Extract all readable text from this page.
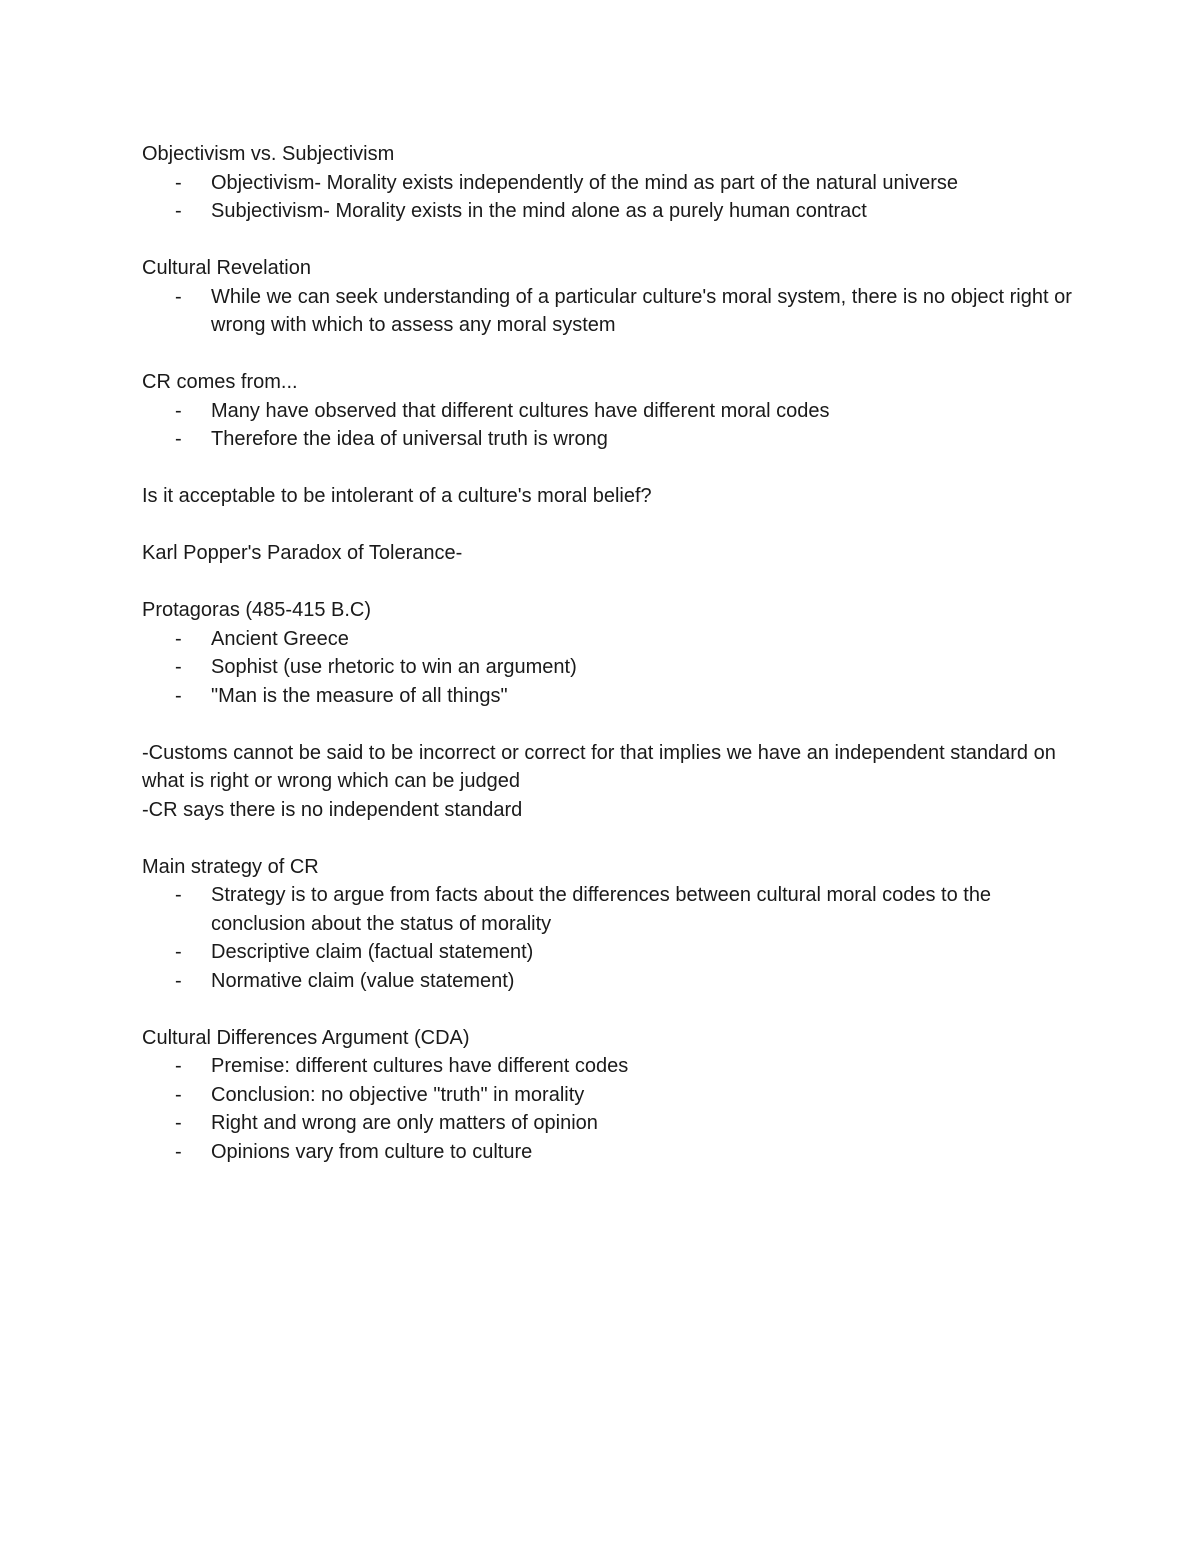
Objectivism vs. Subjectivism

- Objectivism- Morality exists independently of the mind as part of the natural universe
- Subjectivism- Morality exists in the mind alone as a purely human contract

Cultural Revelation

- While we can seek understanding of a particular culture's moral system, there is no object right or wrong with which to assess any moral system

CR comes from...

- Many have observed that different cultures have different moral codes
- Therefore the idea of universal truth is wrong

Is it acceptable to be intolerant of a culture's moral belief?

Karl Popper's Paradox of Tolerance-

Protagoras (485-415 B.C)

- Ancient Greece
- Sophist (use rhetoric to win an argument)
- "Man is the measure of all things"

-Customs cannot be said to be incorrect or correct for that implies we have an independent standard on what is right or wrong which can be judged

-CR says there is no independent standard

Main strategy of CR

- Strategy is to argue from facts about the differences between cultural moral codes to the conclusion about the status of morality
- Descriptive claim (factual statement)
- Normative claim (value statement)

Cultural Differences Argument (CDA)

- Premise: different cultures have different codes
- Conclusion: no objective "truth" in morality
- Right and wrong are only matters of opinion
- Opinions vary from culture to culture
